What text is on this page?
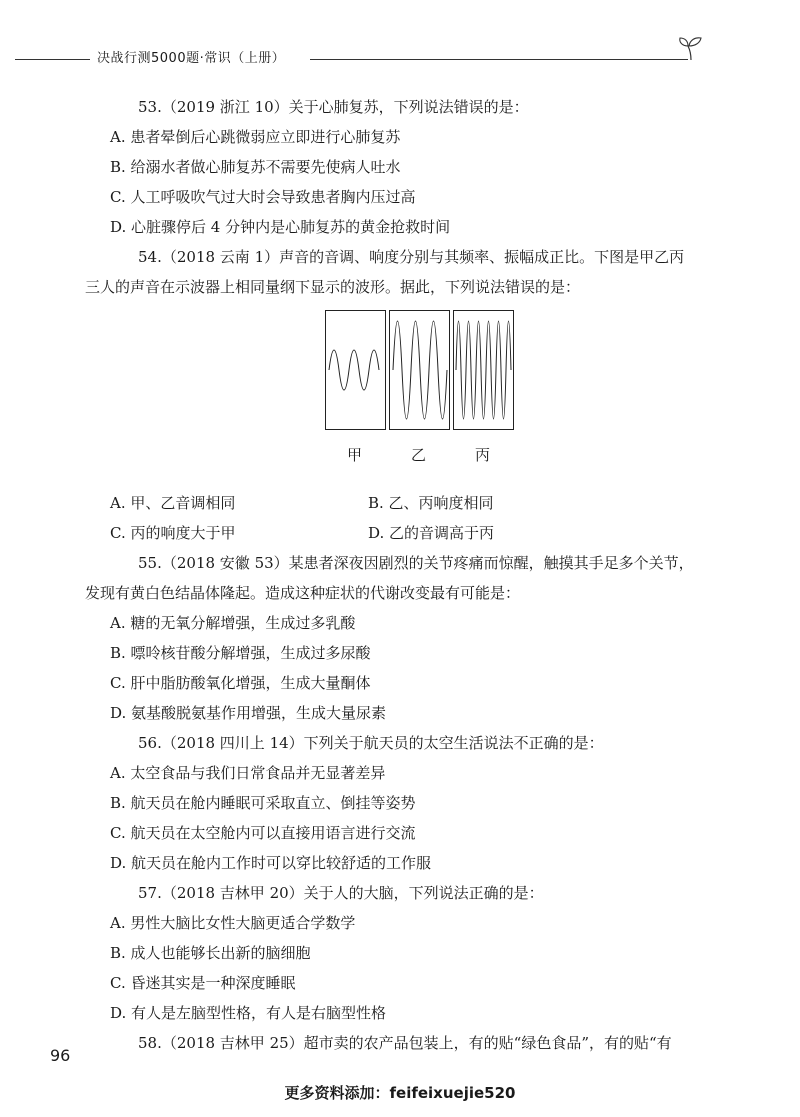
决战行测5000题·常识（上册）
53.（2019 浙江 10）关于心肺复苏，下列说法错误的是：
A. 患者晕倒后心跳微弱应立即进行心肺复苏
B. 给溺水者做心肺复苏不需要先使病人吐水
C. 人工呼吸吹气过大时会导致患者胸内压过高
D. 心脏骤停后 4 分钟内是心肺复苏的黄金抢救时间
54.（2018 云南 1）声音的音调、响度分别与其频率、振幅成正比。下图是甲乙丙
三人的声音在示波器上相同量纲下显示的波形。据此，下列说法错误的是：
甲	乙	丙
A. 甲、乙音调相同	B. 乙、丙响度相同
C. 丙的响度大于甲	D. 乙的音调高于丙
55.（2018 安徽 53）某患者深夜因剧烈的关节疼痛而惊醒，触摸其手足多个关节，
发现有黄白色结晶体隆起。造成这种症状的代谢改变最有可能是：
A. 糖的无氧分解增强，生成过多乳酸
B. 嘌呤核苷酸分解增强，生成过多尿酸
C. 肝中脂肪酸氧化增强，生成大量酮体
D. 氨基酸脱氨基作用增强，生成大量尿素
56.（2018 四川上 14）下列关于航天员的太空生活说法不正确的是：
A. 太空食品与我们日常食品并无显著差异
B. 航天员在舱内睡眠可采取直立、倒挂等姿势
C. 航天员在太空舱内可以直接用语言进行交流
D. 航天员在舱内工作时可以穿比较舒适的工作服
57.（2018 吉林甲 20）关于人的大脑，下列说法正确的是：
A. 男性大脑比女性大脑更适合学数学
B. 成人也能够长出新的脑细胞
C. 昏迷其实是一种深度睡眠
D. 有人是左脑型性格，有人是右脑型性格
58.（2018 吉林甲 25）超市卖的农产品包装上，有的贴“绿色食品”，有的贴“有
96
更多资料添加：feifeixuejie520
